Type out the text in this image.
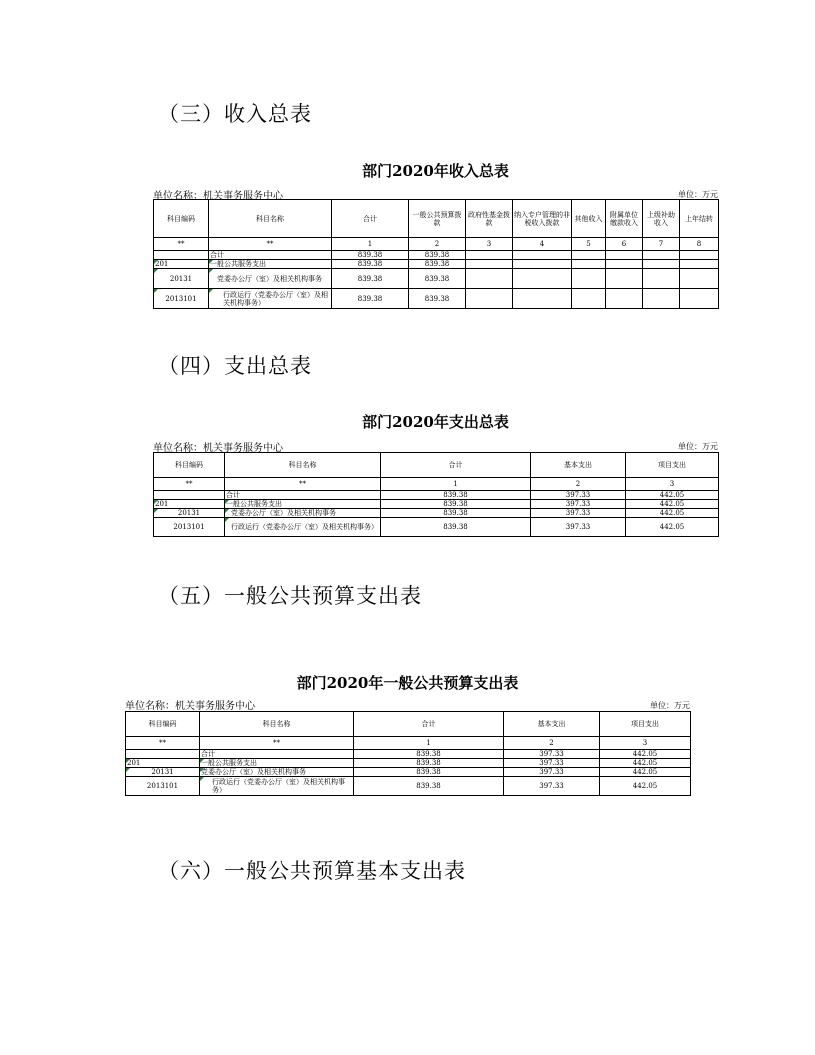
（三）收入总表
部门2020年收入总表
单位名称：机关事务服务中心	单位：万元
科目编码	科目名称	合计	一般公共预算拨款	政府性基金拨款	纳入专户管理的非税收入拨款	其他收入	附属单位缴款收入	上级补助收入	上年结转
**	**	1	2	3	4	5	6	7	8
	合计	839.38	839.38						
201	一般公共服务支出	839.38	839.38						
20131	党委办公厅（室）及相关机构事务	839.38	839.38						
2013101	行政运行（党委办公厅（室）及相关机构事务）	839.38	839.38						
（四）支出总表
部门2020年支出总表
单位名称：机关事务服务中心	单位：万元
科目编码	科目名称	合计	基本支出	项目支出
**	**	1	2	3
	合计	839.38	397.33	442.05
201	一般公共服务支出	839.38	397.33	442.05
20131	党委办公厅（室）及相关机构事务	839.38	397.33	442.05
2013101	行政运行（党委办公厅（室）及相关机构事务）	839.38	397.33	442.05
（五）一般公共预算支出表
部门2020年一般公共预算支出表
单位名称：机关事务服务中心	单位：万元
科目编码	科目名称	合计	基本支出	项目支出
**	**	1	2	3
	合计	839.38	397.33	442.05
201	一般公共服务支出	839.38	397.33	442.05
20131	党委办公厅（室）及相关机构事务	839.38	397.33	442.05
2013101	行政运行（党委办公厅（室）及相关机构事务）	839.38	397.33	442.05
（六）一般公共预算基本支出表
